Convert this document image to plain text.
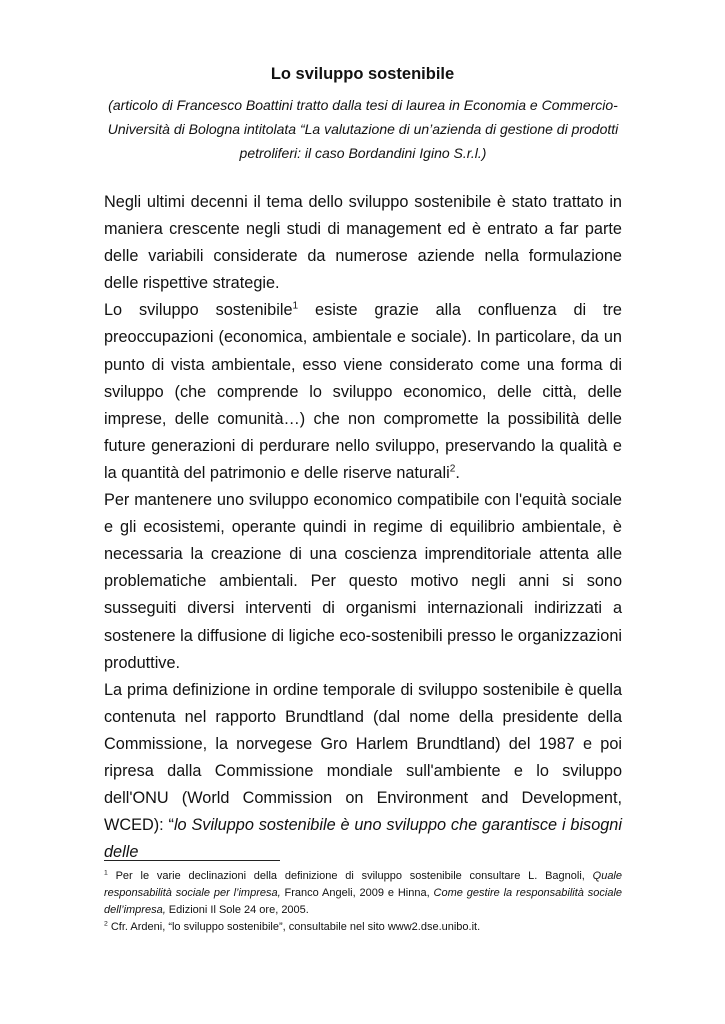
Lo sviluppo sostenibile
(articolo di Francesco Boattini tratto dalla tesi di laurea in Economia e Commercio- Università di Bologna intitolata “La valutazione di un’azienda di gestione di prodotti petroliferi: il caso Bordandini Igino S.r.l.)

Negli ultimi decenni il tema dello sviluppo sostenibile è stato trattato in maniera crescente negli studi di management ed è entrato a far parte delle variabili considerate da numerose aziende nella formulazione delle rispettive strategie.

Lo sviluppo sostenibile$^1$ esiste grazie alla confluenza di tre preoccupazioni (economica, ambientale e sociale). In particolare, da un punto di vista ambientale, esso viene considerato come una forma di sviluppo (che comprende lo sviluppo economico, delle città, delle imprese, delle comunità…) che non compromette la possibilità delle future generazioni di perdurare nello sviluppo, preservando la qualità e la quantità del patrimonio e delle riserve naturali$^2$.

Per mantenere uno sviluppo economico compatibile con l'equità sociale e gli ecosistemi, operante quindi in regime di equilibrio ambientale, è necessaria la creazione di una coscienza imprenditoriale attenta alle problematiche ambientali. Per questo motivo negli anni si sono susseguiti diversi interventi di organismi internazionali indirizzati a sostenere la diffusione di ligiche eco-sostenibili presso le organizzazioni produttive.

La prima definizione in ordine temporale di sviluppo sostenibile è quella contenuta nel rapporto Brundtland (dal nome della presidente della Commissione, la norvegese Gro Harlem Brundtland) del 1987 e poi ripresa dalla Commissione mondiale sull'ambiente e lo sviluppo dell'ONU (World Commission on Environment and Development, WCED): “lo Sviluppo sostenibile è uno sviluppo che garantisce i bisogni delle

$^1$ Per le varie declinazioni della definizione di sviluppo sostenibile consultare L. Bagnoli, Quale responsabilità sociale per l’impresa, Franco Angeli, 2009 e Hinna, Come gestire la responsabilità sociale dell’impresa, Edizioni Il Sole 24 ore, 2005.

$^2$ Cfr. Ardeni, “lo sviluppo sostenibile”, consultabile nel sito www2.dse.unibo.it.
